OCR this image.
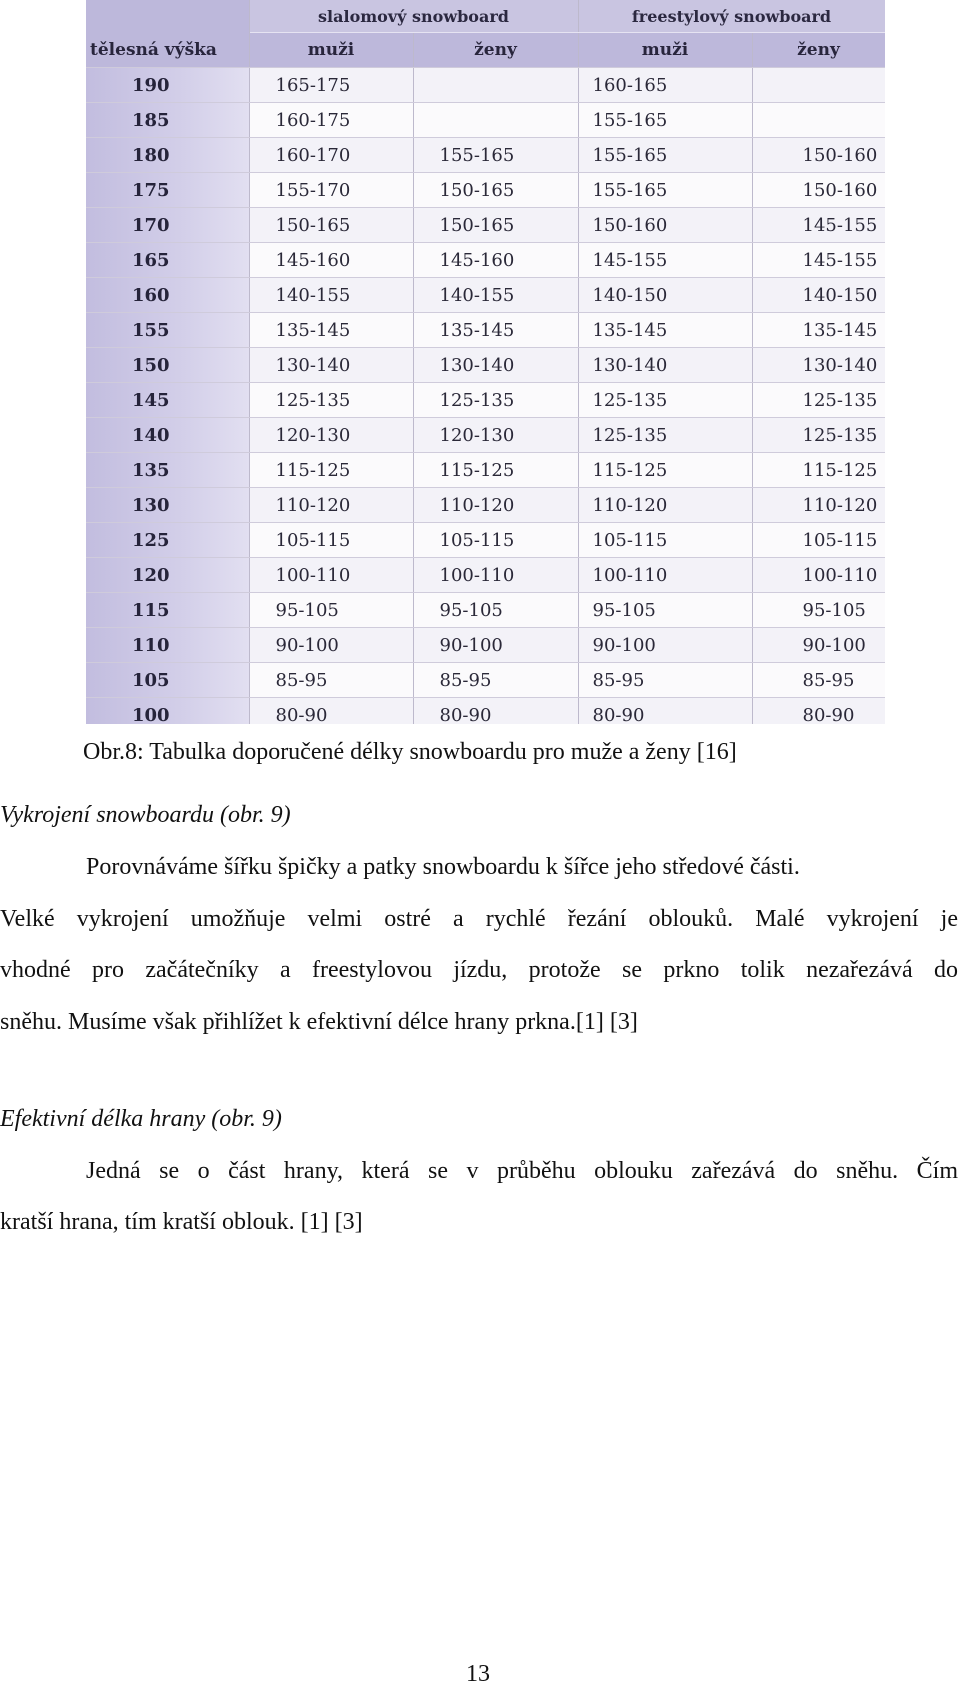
	slalomový snowboard		freestylový snowboard	
tělesná výška	muži	ženy	muži	ženy
190	165-175		160-165	
185	160-175		155-165	
180	160-170	155-165	155-165	150-160
175	155-170	150-165	155-165	150-160
170	150-165	150-165	150-160	145-155
165	145-160	145-160	145-155	145-155
160	140-155	140-155	140-150	140-150
155	135-145	135-145	135-145	135-145
150	130-140	130-140	130-140	130-140
145	125-135	125-135	125-135	125-135
140	120-130	120-130	125-135	125-135
135	115-125	115-125	115-125	115-125
130	110-120	110-120	110-120	110-120
125	105-115	105-115	105-115	105-115
120	100-110	100-110	100-110	100-110
115	95-105	95-105	95-105	95-105
110	90-100	90-100	90-100	90-100
105	85-95	85-95	85-95	85-95
100	80-90	80-90	80-90	80-90

Obr.8: Tabulka doporučené délky snowboardu pro muže a ženy [16]

Vykrojení snowboardu (obr. 9)

Porovnáváme šířku špičky a patky snowboardu k šířce jeho středové části.

Velké vykrojení umožňuje velmi ostré a rychlé řezání oblouků. Malé vykrojení je

vhodné pro začátečníky a freestylovou jízdu, protože se prkno tolik nezařezává do

sněhu. Musíme však přihlížet k efektivní délce hrany prkna.[1] [3]

Efektivní délka hrany (obr. 9)

Jedná se o část hrany, která se v průběhu oblouku zařezává do sněhu. Čím

kratší hrana, tím kratší oblouk. [1] [3]

13
